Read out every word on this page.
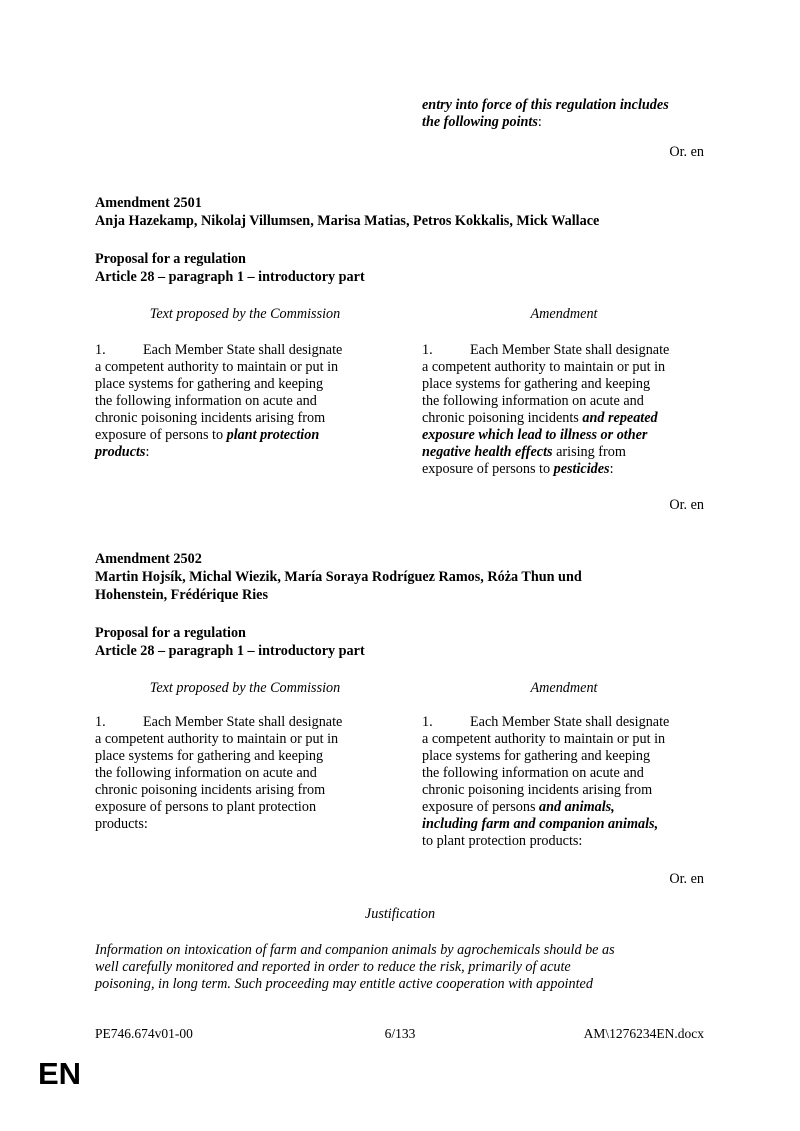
entry into force of this regulation includes
the following points:
Or. en
Amendment 2501
Anja Hazekamp, Nikolaj Villumsen, Marisa Matias, Petros Kokkalis, Mick Wallace
Proposal for a regulation
Article 28 – paragraph 1 – introductory part
Text proposed by the Commission	Amendment
1.	Each Member State shall designate
a competent authority to maintain or put in
place systems for gathering and keeping
the following information on acute and
chronic poisoning incidents arising from
exposure of persons to plant protection
products:
1.	Each Member State shall designate
a competent authority to maintain or put in
place systems for gathering and keeping
the following information on acute and
chronic poisoning incidents and repeated
exposure which lead to illness or other
negative health effects arising from
exposure of persons to pesticides:
Or. en
Amendment 2502
Martin Hojsík, Michal Wiezik, María Soraya Rodríguez Ramos, Róża Thun und
Hohenstein, Frédérique Ries
Proposal for a regulation
Article 28 – paragraph 1 – introductory part
Text proposed by the Commission	Amendment
1.	Each Member State shall designate
a competent authority to maintain or put in
place systems for gathering and keeping
the following information on acute and
chronic poisoning incidents arising from
exposure of persons to plant protection
products:
1.	Each Member State shall designate
a competent authority to maintain or put in
place systems for gathering and keeping
the following information on acute and
chronic poisoning incidents arising from
exposure of persons and animals,
including farm and companion animals,
to plant protection products:
Or. en
Justification
Information on intoxication of farm and companion animals by agrochemicals should be as
well carefully monitored and reported in order to reduce the risk, primarily of acute
poisoning, in long term. Such proceeding may entitle active cooperation with appointed
PE746.674v01-00	6/133	AM\1276234EN.docx
EN
